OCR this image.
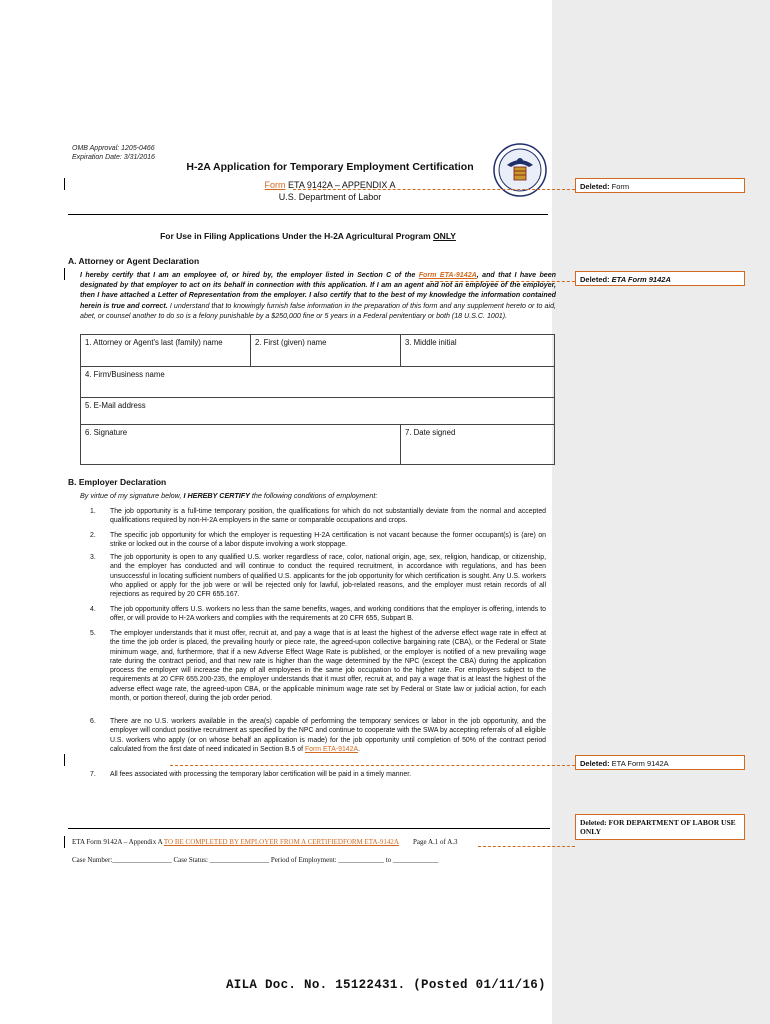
OMB Approval: 1205-0466
Expiration Date: 3/31/2016
H-2A Application for Temporary Employment Certification
Form ETA 9142A – APPENDIX A
U.S. Department of Labor
Deleted: Form
For Use in Filing Applications Under the H-2A Agricultural Program ONLY
A. Attorney or Agent Declaration
Deleted: ETA Form 9142A
I hereby certify that I am an employee of, or hired by, the employer listed in Section C of the Form ETA-9142A, and that I have been designated by that employer to act on its behalf in connection with this application. If I am an agent and not an employee of the employer, then I have attached a Letter of Representation from the employer. I also certify that to the best of my knowledge the information contained herein is true and correct. I understand that to knowingly furnish false information in the preparation of this form and any supplement hereto or to aid, abet, or counsel another to do so is a felony punishable by a $250,000 fine or 5 years in a Federal penitentiary or both (18 U.S.C. 1001).
1. Attorney or Agent's last (family) name	2. First (given) name	3. Middle initial
4. Firm/Business name		
5. E-Mail address		
6. Signature		7. Date signed
B. Employer Declaration
By virtue of my signature below, I HEREBY CERTIFY the following conditions of employment:
1.	The job opportunity is a full-time temporary position, the qualifications for which do not substantially deviate from the normal and accepted qualifications required by non-H-2A employers in the same or comparable occupations and crops.
2.	The specific job opportunity for which the employer is requesting H-2A certification is not vacant because the former occupant(s) is (are) on strike or locked out in the course of a labor dispute involving a work stoppage.
3.	The job opportunity is open to any qualified U.S. worker regardless of race, color, national origin, age, sex, religion, handicap, or citizenship, and the employer has conducted and will continue to conduct the required recruitment, in accordance with regulations, and has been unsuccessful in locating sufficient numbers of qualified U.S. applicants for the job opportunity for which certification is sought. Any U.S. workers who applied or apply for the job were or will be rejected only for lawful, job-related reasons, and the employer must retain records of all rejections as required by 20 CFR 655.167.
4.	The job opportunity offers U.S. workers no less than the same benefits, wages, and working conditions that the employer is offering, intends to offer, or will provide to H-2A workers and complies with the requirements at 20 CFR 655, Subpart B.
5.	The employer understands that it must offer, recruit at, and pay a wage that is at least the highest of the adverse effect wage rate in effect at the time the job order is placed, the prevailing hourly or piece rate, the agreed-upon collective bargaining rate (CBA), or the Federal or State minimum wage, and, furthermore, that if a new Adverse Effect Wage Rate is published, or the employer is notified of a new prevailing wage rate during the contract period, and that new rate is higher than the wage determined by the NPC (except the CBA) during the application process the employer will increase the pay of all employees in the same job occupation to the higher rate. For employers subject to the requirements at 20 CFR 655.200-235, the employer understands that it must offer, recruit at, and pay a wage that is at least the highest of the adverse effect wage rate, the agreed-upon CBA, or the applicable minimum wage rate set by Federal or State law or judicial action, for each month, or portion thereof, during the job order period.
6.	There are no U.S. workers available in the area(s) capable of performing the temporary services or labor in the job opportunity, and the employer will conduct positive recruitment as specified by the NPC and continue to cooperate with the SWA by accepting referrals of all eligible U.S. workers who apply (or on whose behalf an application is made) for the job opportunity until completion of 50% of the contract period calculated from the first date of need indicated in Section B.5 of Form ETA-9142A.
7.	All fees associated with processing the temporary labor certification will be paid in a timely manner.
Deleted: ETA Form 9142A
Deleted: FOR DEPARTMENT OF LABOR USE ONLY
ETA Form 9142A – Appendix A TO BE COMPLETED BY EMPLOYER FROM A CERTIFIEDFORM ETA-9142A Page A.1 of A.3
Case Number:_________________ Case Status: _________________ Period of Employment: _____________ to _____________
AILA Doc. No. 15122431. (Posted 01/11/16)
